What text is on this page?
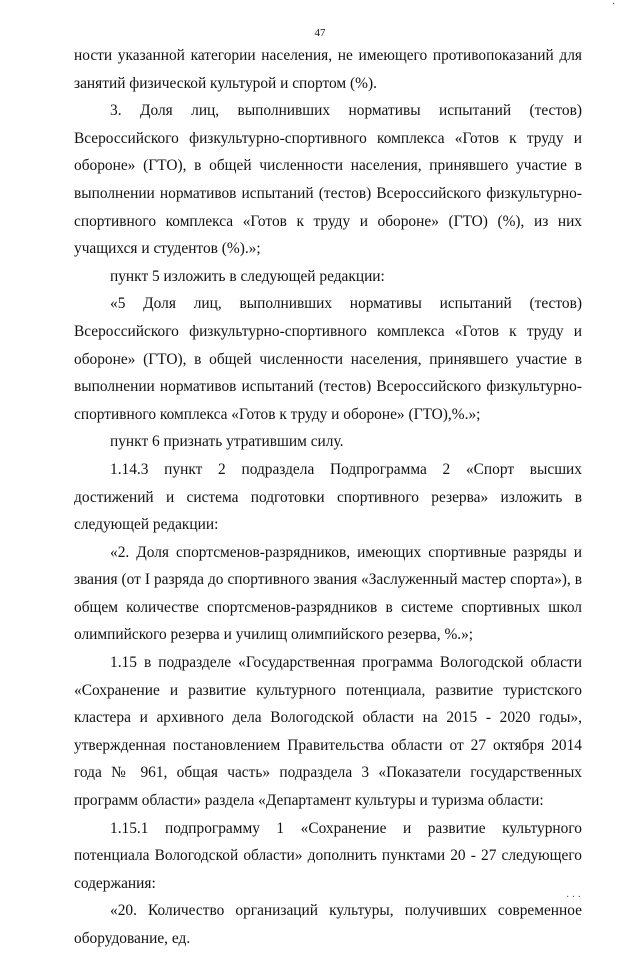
47

ности указанной категории населения, не имеющего противопоказаний для занятий физической культурой и спортом (%).

3. Доля лиц, выполнивших нормативы испытаний (тестов) Всероссийского физкультурно-спортивного комплекса «Готов к труду и обороне» (ГТО), в общей численности населения, принявшего участие в выполнении нормативов испытаний (тестов) Всероссийского физкультурно-спортивного комплекса «Готов к труду и обороне» (ГТО) (%), из них учащихся и студентов (%).»;

пункт 5 изложить в следующей редакции:

«5 Доля лиц, выполнивших нормативы испытаний (тестов) Всероссийского физкультурно-спортивного комплекса «Готов к труду и обороне» (ГТО), в общей численности населения, принявшего участие в выполнении нормативов испытаний (тестов) Всероссийского физкультурно-спортивного комплекса «Готов к труду и обороне» (ГТО),%.»;

пункт 6 признать утратившим силу.

1.14.3 пункт 2 подраздела Подпрограмма 2 «Спорт высших достижений и система подготовки спортивного резерва» изложить в следующей редакции:

«2. Доля спортсменов-разрядников, имеющих спортивные разряды и звания (от I разряда до спортивного звания «Заслуженный мастер спорта»), в общем количестве спортсменов-разрядников в системе спортивных школ олимпийского резерва и училищ олимпийского резерва, %.»;

1.15 в подразделе «Государственная программа Вологодской области «Сохранение и развитие культурного потенциала, развитие туристского кластера и архивного дела Вологодской области на 2015 - 2020 годы», утвержденная постановлением Правительства области от 27 октября 2014 года № 961, общая часть» подраздела 3 «Показатели государственных программ области» раздела «Департамент культуры и туризма области:

1.15.1 подпрограмму 1 «Сохранение и развитие культурного потенциала Вологодской области» дополнить пунктами 20 - 27 следующего содержания:

«20. Количество организаций культуры, получивших современное оборудование, ед.

·
· · ·
